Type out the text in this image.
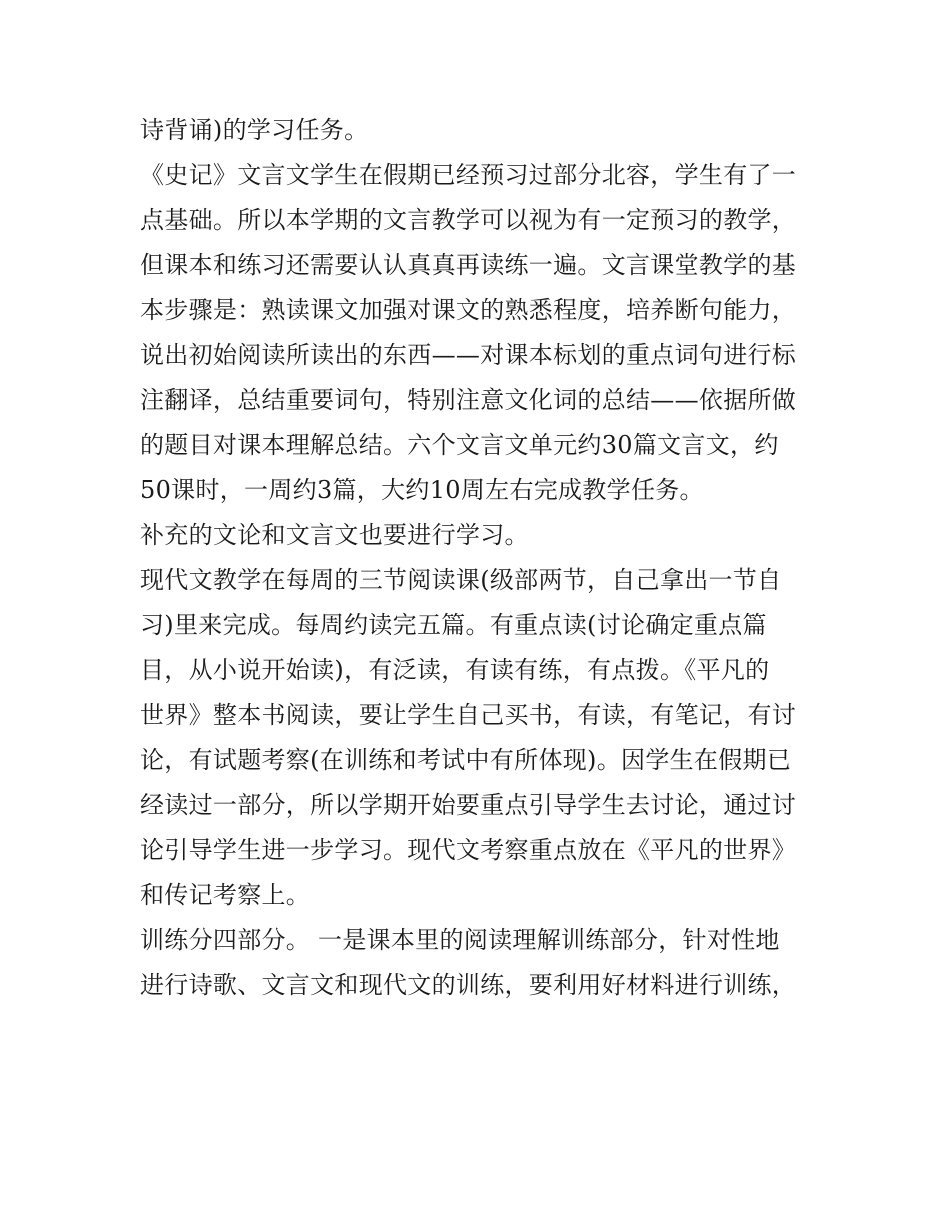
诗背诵)的学习任务。
《史记》文言文学生在假期已经预习过部分北容，学生有了一
点基础。所以本学期的文言教学可以视为有一定预习的教学，
但课本和练习还需要认认真真再读练一遍。文言课堂教学的基
本步骤是：熟读课文加强对课文的熟悉程度，培养断句能力，
说出初始阅读所读出的东西——对课本标划的重点词句进行标
注翻译，总结重要词句，特别注意文化词的总结——依据所做
的题目对课本理解总结。六个文言文单元约30篇文言文，约
50课时，一周约3篇，大约10周左右完成教学任务。
补充的文论和文言文也要进行学习。
现代文教学在每周的三节阅读课(级部两节，自己拿出一节自
习)里来完成。每周约读完五篇。有重点读(讨论确定重点篇
目，从小说开始读)，有泛读，有读有练，有点拨。《平凡的
世界》整本书阅读，要让学生自己买书，有读，有笔记，有讨
论，有试题考察(在训练和考试中有所体现)。因学生在假期已
经读过一部分，所以学期开始要重点引导学生去讨论，通过讨
论引导学生进一步学习。现代文考察重点放在《平凡的世界》
和传记考察上。
训练分四部分。 一是课本里的阅读理解训练部分，针对性地
进行诗歌、文言文和现代文的训练，要利用好材料进行训练，
